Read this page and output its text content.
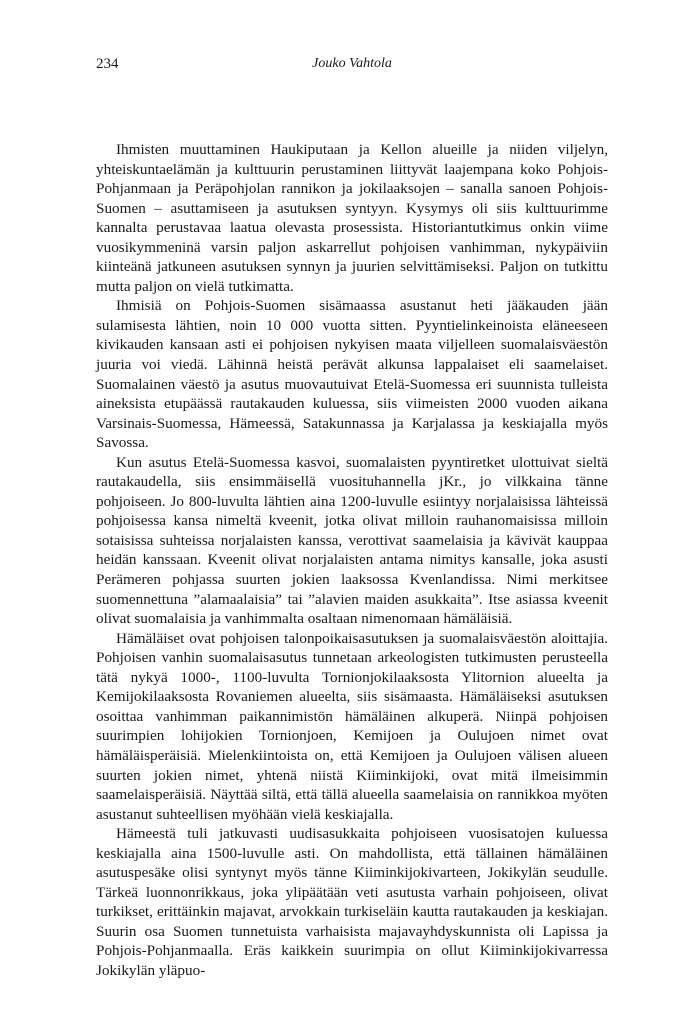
234	Jouko Vahtola

Ihmisten muuttaminen Haukiputaan ja Kellon alueille ja niiden viljelyn, yhteiskuntaelämän ja kulttuurin perustaminen liittyvät laajempana koko Pohjois- Pohjanmaan ja Peräpohjolan rannikon ja jokilaaksojen – sanalla sanoen Pohjois-Suomen – asuttamiseen ja asutuksen syntyyn. Kysymys oli siis kulttuurimme kannalta perustavaa laatua olevasta prosessista. Historiantutkimus onkin viime vuosikymmeninä varsin paljon askarrellut pohjoisen vanhimman, nykypäiviin kiinteänä jatkuneen asutuksen synnyn ja juurien selvittämiseksi. Paljon on tutkittu mutta paljon on vielä tutkimatta.

Ihmisiä on Pohjois-Suomen sisämaassa asustanut heti jääkauden jään sulamisesta lähtien, noin 10 000 vuotta sitten. Pyyntielinkeinoista eläneeseen kivikauden kansaan asti ei pohjoisen nykyisen maata viljelleen suomalaisväestön juuria voi viedä. Lähinnä heistä perävät alkunsa lappalaiset eli saamelaiset. Suomalainen väestö ja asutus muovautuivat Etelä-Suomessa eri suunnista tulleista aineksista etupäässä rautakauden kuluessa, siis viimeisten 2000 vuoden aikana Varsinais-Suomessa, Hämeessä, Satakunnassa ja Karjalassa ja keskiajalla myös Savossa.

Kun asutus Etelä-Suomessa kasvoi, suomalaisten pyyntiretket ulottuivat sieltä rautakaudella, siis ensimmäisellä vuosituhannella jKr., jo vilkkaina tänne pohjoiseen. Jo 800-luvulta lähtien aina 1200-luvulle esiintyy norjalaisissa lähteissä pohjoisessa kansa nimeltä kveenit, jotka olivat milloin rauhanomaisissa milloin sotaisissa suhteissa norjalaisten kanssa, verottivat saamelaisia ja kävivät kauppaa heidän kanssaan. Kveenit olivat norjalaisten antama nimitys kansalle, joka asusti Perämeren pohjassa suurten jokien laaksossa Kvenlandissa. Nimi merkitsee suomennettuna ”alamaalaisia” tai ”alavien maiden asukkaita”. Itse asiassa kveenit olivat suomalaisia ja vanhimmalta osaltaan nimenomaan hämäläisiä.

Hämäläiset ovat pohjoisen talonpoikaisasutuksen ja suomalaisväestön aloittajia. Pohjoisen vanhin suomalaisasutus tunnetaan arkeologisten tutkimusten perusteella tätä nykyä 1000-, 1100-luvulta Tornionjokilaaksosta Ylitornion alueelta ja Kemijokilaaksosta Rovaniemen alueelta, siis sisämaasta. Hämäläiseksi asutuksen osoittaa vanhimman paikannimistön hämäläinen alkuperä. Niinpä pohjoisen suurimpien lohijokien Tornionjoen, Kemijoen ja Oulujoen nimet ovat hämäläisperäisiä. Mielenkiintoista on, että Kemijoen ja Oulujoen välisen alueen suurten jokien nimet, yhtenä niistä Kiiminkijoki, ovat mitä ilmeisimmin saamelaisperäisiä. Näyttää siltä, että tällä alueella saamelaisia on rannikkoa myöten asustanut suhteellisen myöhään vielä keskiajalla.

Hämeestä tuli jatkuvasti uudisasukkaita pohjoiseen vuosisatojen kuluessa keskiajalla aina 1500-luvulle asti. On mahdollista, että tällainen hämäläinen asutuspesäke olisi syntynyt myös tänne Kiiminkijokivarteen, Jokikylän seudulle. Tärkeä luonnonrikkaus, joka ylipäätään veti asutusta varhain pohjoiseen, olivat turkikset, erittäinkin majavat, arvokkain turkiseläin kautta rautakauden ja keskiajan. Suurin osa Suomen tunnetuista varhaisista majavayhdyskunnista oli Lapissa ja Pohjois-Pohjanmaalla. Eräs kaikkein suurimpia on ollut Kiiminkijokivarressa Jokikylän yläpuo-
